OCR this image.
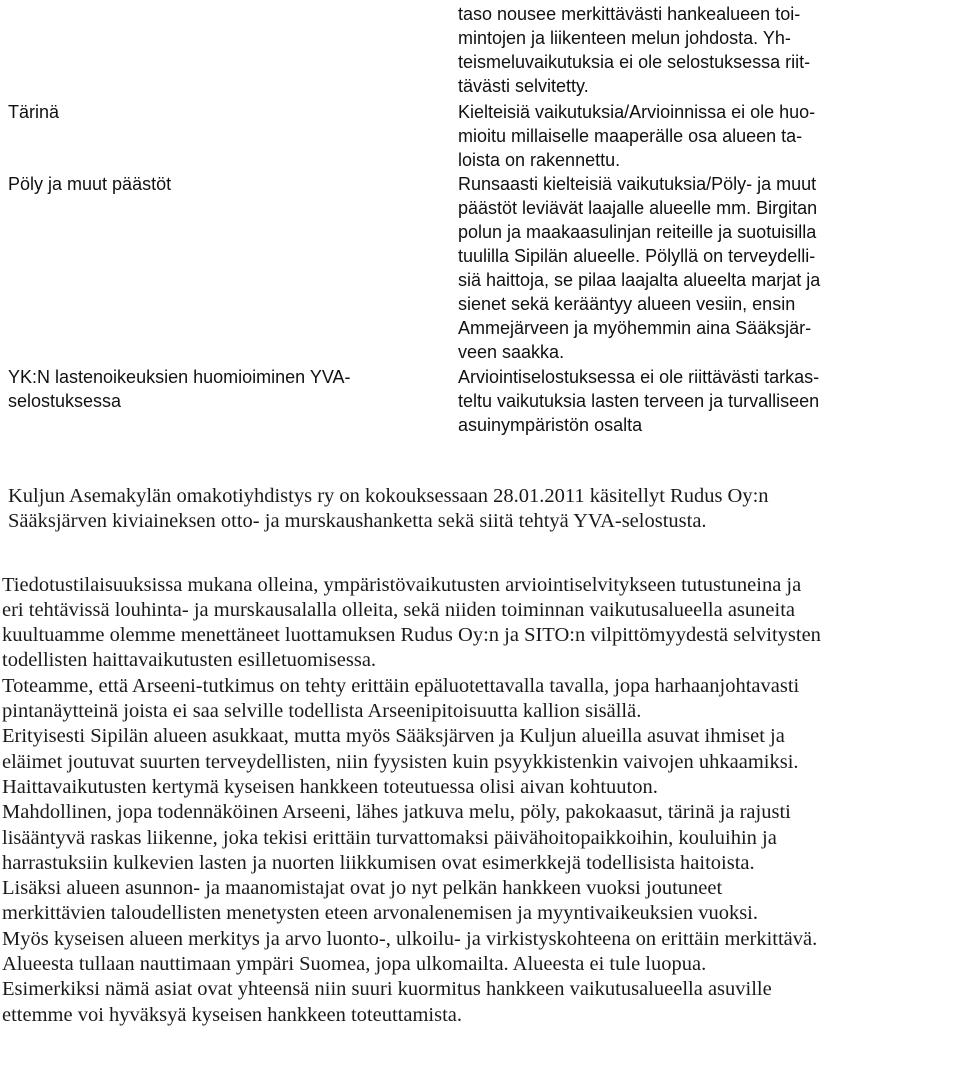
taso nousee merkittävästi hankealueen toi-
mintojen ja liikenteen melun johdosta. Yh-
teismeluvaikutuksia ei ole selostuksessa riit-
tävästi selvitetty.
Tärinä	Kielteisiä vaikutuksia/Arvioinnissa ei ole huo-
mioitu millaiselle maaperälle osa alueen ta-
loista on rakennettu.
Pöly ja muut päästöt	Runsaasti kielteisiä vaikutuksia/Pöly- ja muut
päästöt leviävät laajalle alueelle mm. Birgitan
polun ja maakaasulinjan reiteille ja suotuisilla
tuulilla Sipilän alueelle. Pölyllä on terveydelli-
siä haittoja, se pilaa laajalta alueelta marjat ja
sienet sekä kerääntyy alueen vesiin, ensin
Ammejärveen ja myöhemmin aina Sääksjär-
veen saakka.
YK:N lastenoikeuksien huomioiminen YVA-selostuksessa
Arviointiselostuksessa ei ole riittävästi tarkas-
teltu vaikutuksia lasten terveen ja turvalliseen
asuinympäristön osalta
Kuljun Asemakylän omakotiyhdistys ry on kokouksessaan 28.01.2011 käsitellyt Rudus Oy:n
Sääksjärven kiviaineksen otto- ja murskaushanketta sekä siitä tehtyä YVA-selostusta.
Tiedotustilaisuuksissa mukana olleina, ympäristövaikutusten arviointiselvitykseen tutustuneina ja
eri tehtävissä louhinta- ja murskausalalla olleita, sekä niiden toiminnan vaikutusalueella asuneita
kuultuamme olemme menettäneet luottamuksen Rudus Oy:n ja SITO:n vilpittömyydestä selvitysten
todellisten haittavaikutusten esilletuomisessa.
Toteamme, että Arseeni-tutkimus on tehty erittäin epäluotettavalla tavalla, jopa harhaanjohtavasti
pintanäytteinä joista ei saa selville todellista Arseenipitoisuutta kallion sisällä.
Erityisesti Sipilän alueen asukkaat, mutta myös Sääksjärven ja Kuljun alueilla asuvat ihmiset ja
eläimet joutuvat suurten terveydellisten, niin fyysisten kuin psyykkistenkin vaivojen uhkaamiksi.
Haittavaikutusten kertymä kyseisen hankkeen toteutuessa olisi aivan kohtuuton.
Mahdollinen, jopa todennäköinen Arseeni, lähes jatkuva melu, pöly, pakokaasut, tärinä ja rajusti
lisääntyvä raskas liikenne, joka tekisi erittäin turvattomaksi päivähoitopaikkoihin, kouluihin ja
harrastuksiin kulkevien lasten ja nuorten liikkumisen ovat esimerkkejä todellisista haitoista.
Lisäksi alueen asunnon- ja maanomistajat ovat jo nyt pelkän hankkeen vuoksi joutuneet
merkittävien taloudellisten menetysten eteen arvonalenemisen ja myyntivaikeuksien vuoksi.
Myös kyseisen alueen merkitys ja arvo luonto-, ulkoilu- ja virkistyskohteena on erittäin merkittävä.
Alueesta tullaan nauttimaan ympäri Suomea, jopa ulkomailta. Alueesta ei tule luopua.
Esimerkiksi nämä asiat ovat yhteensä niin suuri kuormitus hankkeen vaikutusalueella asuville
ettemme voi hyväksyä kyseisen hankkeen toteuttamista.
